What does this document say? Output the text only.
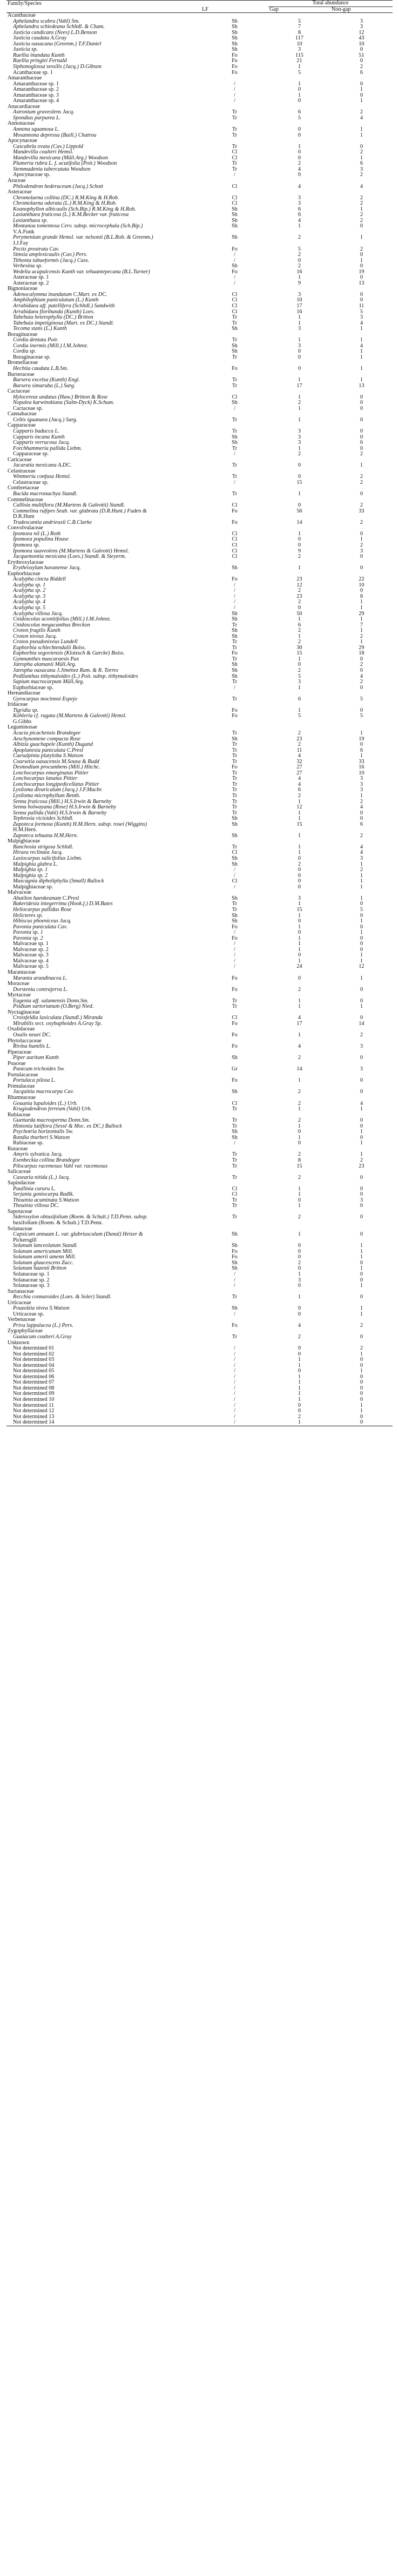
Family/Species		Total abundance	
	LF	Gap	Non-gap
Acanthaceae			
Aphelandra scabra (Vahl) Sm.	Sh	5	3
Aphelandra schiedeana Schltdl. & Cham.	Sh	7	3
Justicia candicans (Nees) L.D.Benson	Sh	8	12
Justicia caudata A.Gray	Sh	117	43
Justicia oaxacana (Greenm.) T.F.Daniel	Sh	10	10
Justicia sp.	Sh	3	0
Ruellia inundata Kunth	Fo	115	51
Ruellia pringlei Fernald	Fo	21	0
Siphonoglossa sessilis (Jacq.) D.Gibson	Fo	1	2
Acanthaceae sp. 1	Fo	5	6
Amaranthaceae			
Amaranthaceae sp. 1	/	1	0
Amaranthaceae sp. 2	/	0	1
Amaranthaceae sp. 3	/	1	0
Amaranthaceae sp. 4	/	0	1
Anacardiaceae			
Astronium graveolens Jacq.	Tr	6	2
Spondias purpurea L.	Tr	5	4
Annonaceae			
Annona squamosa L.	Tr	0	1
Mosannona depressa (Baill.) Chatrou	Tr	0	1
Apocynaceae			
Cascabela ovata (Cav.) Lippold	Tr	1	0
Mandevilla coulteri Hemsl.	Cl	0	2
Mandevilla mexicana (Müll.Arg.) Woodson	Cl	0	1
Plumeria rubra L. f. acutifolia (Poir.) Woodson	Tr	2	6
Stemmadenia tubercutata Woodson	Tr	4	3
Apocynaceae sp.	/	0	2
Araceae			
Philodendron hederaceum (Jacq.) Schott	Cl	4	4
Asteraceae			
Chromolaena collina (DC.) R.M.King & H.Rob.	Cl	3	2
Chromolaena odorata (L.) R.M.King & H.Rob.	Cl	3	2
Koanophyllon albicaulis (Sch.Bip.) R.M.King & H.Rob.	Sh	6	1
Lasianthaea fruticosa (L.) K.M.Becker var. fruticosa	Sh	6	2
Lasianthaea sp.	Sh	4	2
Montanoa tomentosa Cerv. subsp. microcephala (Sch.Bip.)	Sh	1	0
V.A.Funk			
Perymenium grande Hemsl. var. nelsonii (B.L.Rob. & Greenm.)	Sh	2	1
J.J.Fay			
Pectis prostrata Cav.	Fo	5	2
Simsia amplexicaulis (Cav.) Pers.	/	2	0
Tithonia tubaeformis (Jacq.) Cass.	/	0	1
Verbesina sp.	Sh	2	0
Wedelia acapulcensis Kunth var. tehuantepecana (B.L.Turner)	Fo	16	19
Asteraceae sp. 1	/	1	0
Asteraceae sp. 2	/	9	13
Bignoniaceae			
Adenocalymma inundatum C.Mart. ex DC.	Cl	3	0
Amphilophium paniculatum (L.) Kunth	Cl	10	0
Arrabidaea aff. patellifera (Schltdl.) Sandwith	Cl	17	11
Arrabidaea floribunda (Kunth) Loes.	Cl	16	5
Tabebuia heterophylla (DC.) Britton	Tr	1	3
Tabebuia impetiginosa (Mart. ex DC.) Standl.	Tr	1	4
Tecoma stans (L.) Kunth	Sh	3	1
Boraginaceae			
Cordia dentata Poir.	Tr	1	1
Cordia inermis (Mill.) I.M.Johnst.	Sh	3	4
Cordia sp.	Sh	0	1
Boraginaceae sp.	Tr	0	1
Bromeliaceae			
Hechtia caudata L.B.Sm.	Fo	0	1
Burseraceae			
Bursera excelsa (Kunth) Engl.	Tr	1	1
Bursera simaruba (L.) Sarg.	Tr	17	13
Cactaceae			
Hylocereus undatus (Haw.) Britton & Rose	Cl	1	0
Nopalea karwinskiana (Salm-Dyck) K.Schum.	Sh	2	0
Cactaceae sp.	/	1	0
Cannabaceae			
Celtis iguanaea (Jacq.) Sarg.	Tr	1	0
Capparaceae			
Capparis baducca L.	Tr	3	0
Capparis incana Kunth	Sh	3	0
Capparis verrucosa Jacq.	Sh	3	6
Forchhammeria pallida Liebm.	Tr	1	0
Capparaceae sp.	/	2	2
Caricaceae			
Jacaratia mexicana A.DC.	Tr	0	1
Celastraceae			
Wimmeria confusa Hemsl.	Tr	0	2
Celastraceae sp.	/	15	2
Combretaceae			
Bucida macrostachya Standl.	Tr	1	0
Commelinaceae			
Callisia multiflora (M.Martens & Galeotti) Standl.	Cl	0	2
Commelina rufipes Seub. var. glabrata (D.R.Hunt.) Faden &	Fo	56	33
D.R.Hunt			
Tradescantia andrieuxii C.B.Clarke	Fo	14	2
Convolvulaceae			
Ipomoea nil (L.) Roth	Cl	1	0
Ipomoea populina House	Cl	0	1
Ipomoea sp.	Cl	0	2
Ipomoea suaveolens (M.Martens & Galeotti) Hemsl.	Cl	9	3
Jacquemontia mexicana (Loes.) Standl. & Steyerm.	Cl	2	0
Erythroxylaceae			
Erythroxylum havanense Jacq.	Sh	1	0
Euphorbiaceae			
Acalypha cincta Riddell	Fo	23	22
Acalypha sp. 1	/	12	10
Acalypha sp. 2	/	2	0
Acalypha sp. 3	/	23	8
Acalypha sp. 4	/	2	1
Acalypha sp. 5	/	0	1
Acalypha villosa Jacq.	Sh	50	29
Cnidoscolus aconitifolius (Mill.) I.M.Johnst.	Sh	1	1
Cnidoscolus megacanthus Breckon	Tr	6	7
Croton fragilis Kunth	Sh	2	1
Croton niveus Jacq.	Sh	1	2
Croton pseudoniveus Lundell	Tr	2	1
Euphorbia schlechtendalii Boiss.	Tr	30	29
Euphorbia segoviensis (Klotzsch & Garcke) Boiss.	Fo	15	18
Gymnanthes mascaraesis Pax	Tr	1	0
Jatropha alamanii Müll.Arg.	Sh	0	2
Jatropha oaxacana J.Jiménez Ram. & R. Torres	Sh	2	0
Pedilanthus tithymaloides (L.) Poit. subsp. tithymaloides	Sh	5	4
Sapium macrocarpum Müll.Arg.	Tr	3	2
Euphorbiaceae sp.	/	1	0
Hernandiaceae			
Gyrocarpus mocinnoi Espejo	Tr	6	5
Iridaceae			
Tigridia sp.	Fo	1	0
Kohleria cf. rugata (M.Martens & Galeotti) Hemsl.	Fo	5	5
G.Gibbs			
Leguminosae			
Acacia picachensis Brandegee	Tr	2	1
Aeschynomene compacta Rose	Sh	23	19
Albizia guachapele (Kunth) Dugand	Tr	2	0
Apoplanesia paniculata C.Presl	Tr	11	6
Caesalpinia platyloba S.Watson	Tr	4	1
Coursetia oaxacensis M.Sousa & Rudd	Tr	32	33
Desmodium procumbens (Mill.) Hitchc.	Fo	27	16
Lonchocarpus emarginatus Pittier	Tr	27	10
Lonchocarpus lanatus Pittier	Tr	4	3
Lonchocarpus longipedicellatus Pittier	Tr	4	3
Lysiloma divaricatum (Jacq.) J.F.Macbr.	Tr	6	3
Lysiloma microphyllum Benth.	Tr	2	1
Senna fruticosa (Mill.) H.S.Irwin & Barneby	Tr	1	2
Senna holwayana (Rose) H.S.Irwin & Barneby	Tr	12	4
Senna pallida (Vahl) H.S.Irwin & Barneby	Tr	1	0
Tephrosia vicioides Schltdl.	Sh	1	0
Zapoteca formosa (Kunth) H.M.Hern. subsp. rosei (Wiggins)	Sh	15	6
H.M.Hern.			
Zapoteca tehuana H.M.Hern.	Sh	1	2
Malpighiaceae			
Bunchosia strigosa Schltdl.	Tr	1	4
Hiraea reclinata Jacq.	Cl	1	4
Lasiocarpus salicifolius Liebm.	Sh	0	3
Malpighia glabra L.	Sh	2	1
Malpighia sp. 1	/	0	2
Malpighia sp. 2	/	0	1
Mascagnia dipholiphylla (Small) Bullock	Cl	0	1
Malpighiaceae sp.	/	0	1
Malvaceae			
Abutilon haenkeanum C.Presl	Sh	3	1
Bakeridesia integerrima (Hook.f.) D.M.Bates	Tr	1	0
Heliocarpus pallidus Rose	Tr	15	5
Helicteres sp.	Sh	1	0
Hibiscus phoeniceus Jacq.	Sh	0	1
Pavonia paniculata Cav.	Fo	1	0
Pavonia sp. 1	/	0	1
Pavonia sp. 2	Fo	1	0
Malvaceae sp. 1	/	1	0
Malvaceae sp. 2	/	1	0
Malvaceae sp. 3	/	0	1
Malvaceae sp. 4	/	1	1
Malvaceae sp. 5	/	24	12
Marantaceae			
Maranta arundinacea L.	Fo	0	1
Moraceae			
Dorstenia contrajerva L.	Fo	2	0
Myrtaceae			
Eugenia aff. salamensis Donn.Sm.	Tr	1	0
Psidium sartorianum (O.Berg) Nied.	Tr	1	1
Nyctaginaceae			
Crossfeldia laxiculata (Standl.) Miranda	Cl	4	0
Mirabilis sect. oxybaphoides A.Gray Sp.	Fo	17	14
Oxalidaceae			
Oxalis neaei DC.	Fo	1	2
Phytolaccaceae			
Rivina humilis L.	Fo	4	3
Piperaceae			
Piper auritum Kunth	Sh	2	0
Poaceae			
Panicum trichoides Sw.	Gr	14	3
Portulacaceae			
Portulaca pilosa L.	Fo	1	0
Primulaceae			
Jacquinia macrocarpa Cav.	Sh	2	0
Rhamnaceae			
Gouania lupuloides (L.) Urb.	Cl	2	4
Krugiodendron ferreum (Vahl) Urb.	Tr	1	1
Rubiaceae			
Guettarda macrosperma Donn.Sm.	Tr	2	0
Hintonia latiflora (Sessé & Moc. ex DC.) Bullock	Tr	1	0
Psychotria horizontalis Sw.	Sh	0	1
Randia thurberi S.Watson	Sh	1	0
Rubiaceae sp.	/	0	1
Rutaceae			
Amyris sylvatica Jacq.	Tr	2	1
Esenbeckia collina Brandegee	Tr	8	2
Pilocarpus racemosus Vahl var. racemosus	Tr	15	23
Salicaceae			
Casearia nitida (L.) Jacq.	Tr	2	0
Sapindaceae			
Paullinia cururu L.	Cl	1	0
Serjania goniocarpa Radlk.	Cl	1	0
Thouinia acuminata S.Watson	Tr	0	3
Thouinia villosa DC.	Tr	1	0
Sapotaceae			
Sideroxylon obtusifolium (Roem. & Schult.) T.D.Penn. subsp.	Tr	2	0
buxifolium (Roem. & Schult.) T.D.Penn.			
Solanaceae			
Capsicum annuum L. var. glabriusculum (Dunal) Heiser &	Sh	1	0
Pickersgill			
Solanum lanceolatum Standl.	Sh	0	1
Solanum americanum Mill.	Fo	0	1
Solanum amerii amenn Mill.	Fo	0	1
Solanum glaucescens Zucc.	Sh	2	0
Solanum hazenii Britton	Sh	0	1
Solanaceae sp. 1	/	1	0
Solanaceae sp. 2	/	3	0
Solanaceae sp. 3	/	0	1
Surianaceae			
Recchia connaroides (Loes. & Soler) Standl.	Tr	1	0
Urticaceae			
Pouzolzia nivea S.Watson	Sh	0	1
Urticaceae sp.	/	0	1
Verbenaceae			
Priva lappulacea (L.) Pers.	Fo	4	2
Zygophyllaceae			
Guaiacum coulteri A.Gray	Tr	2	0
Unknown			
Not determined 01	/	0	2
Not determined 02	/	0	1
Not determined 03	/	1	0
Not determined 04	/	1	0
Not determined 05	/	0	1
Not determined 06	/	1	0
Not determined 07	/	1	0
Not determined 08	/	1	0
Not determined 09	/	1	0
Not determined 10	/	1	0
Not determined 11	/	0	1
Not determined 12	/	0	1
Not determined 13	/	2	0
Not determined 14	/	1	0
